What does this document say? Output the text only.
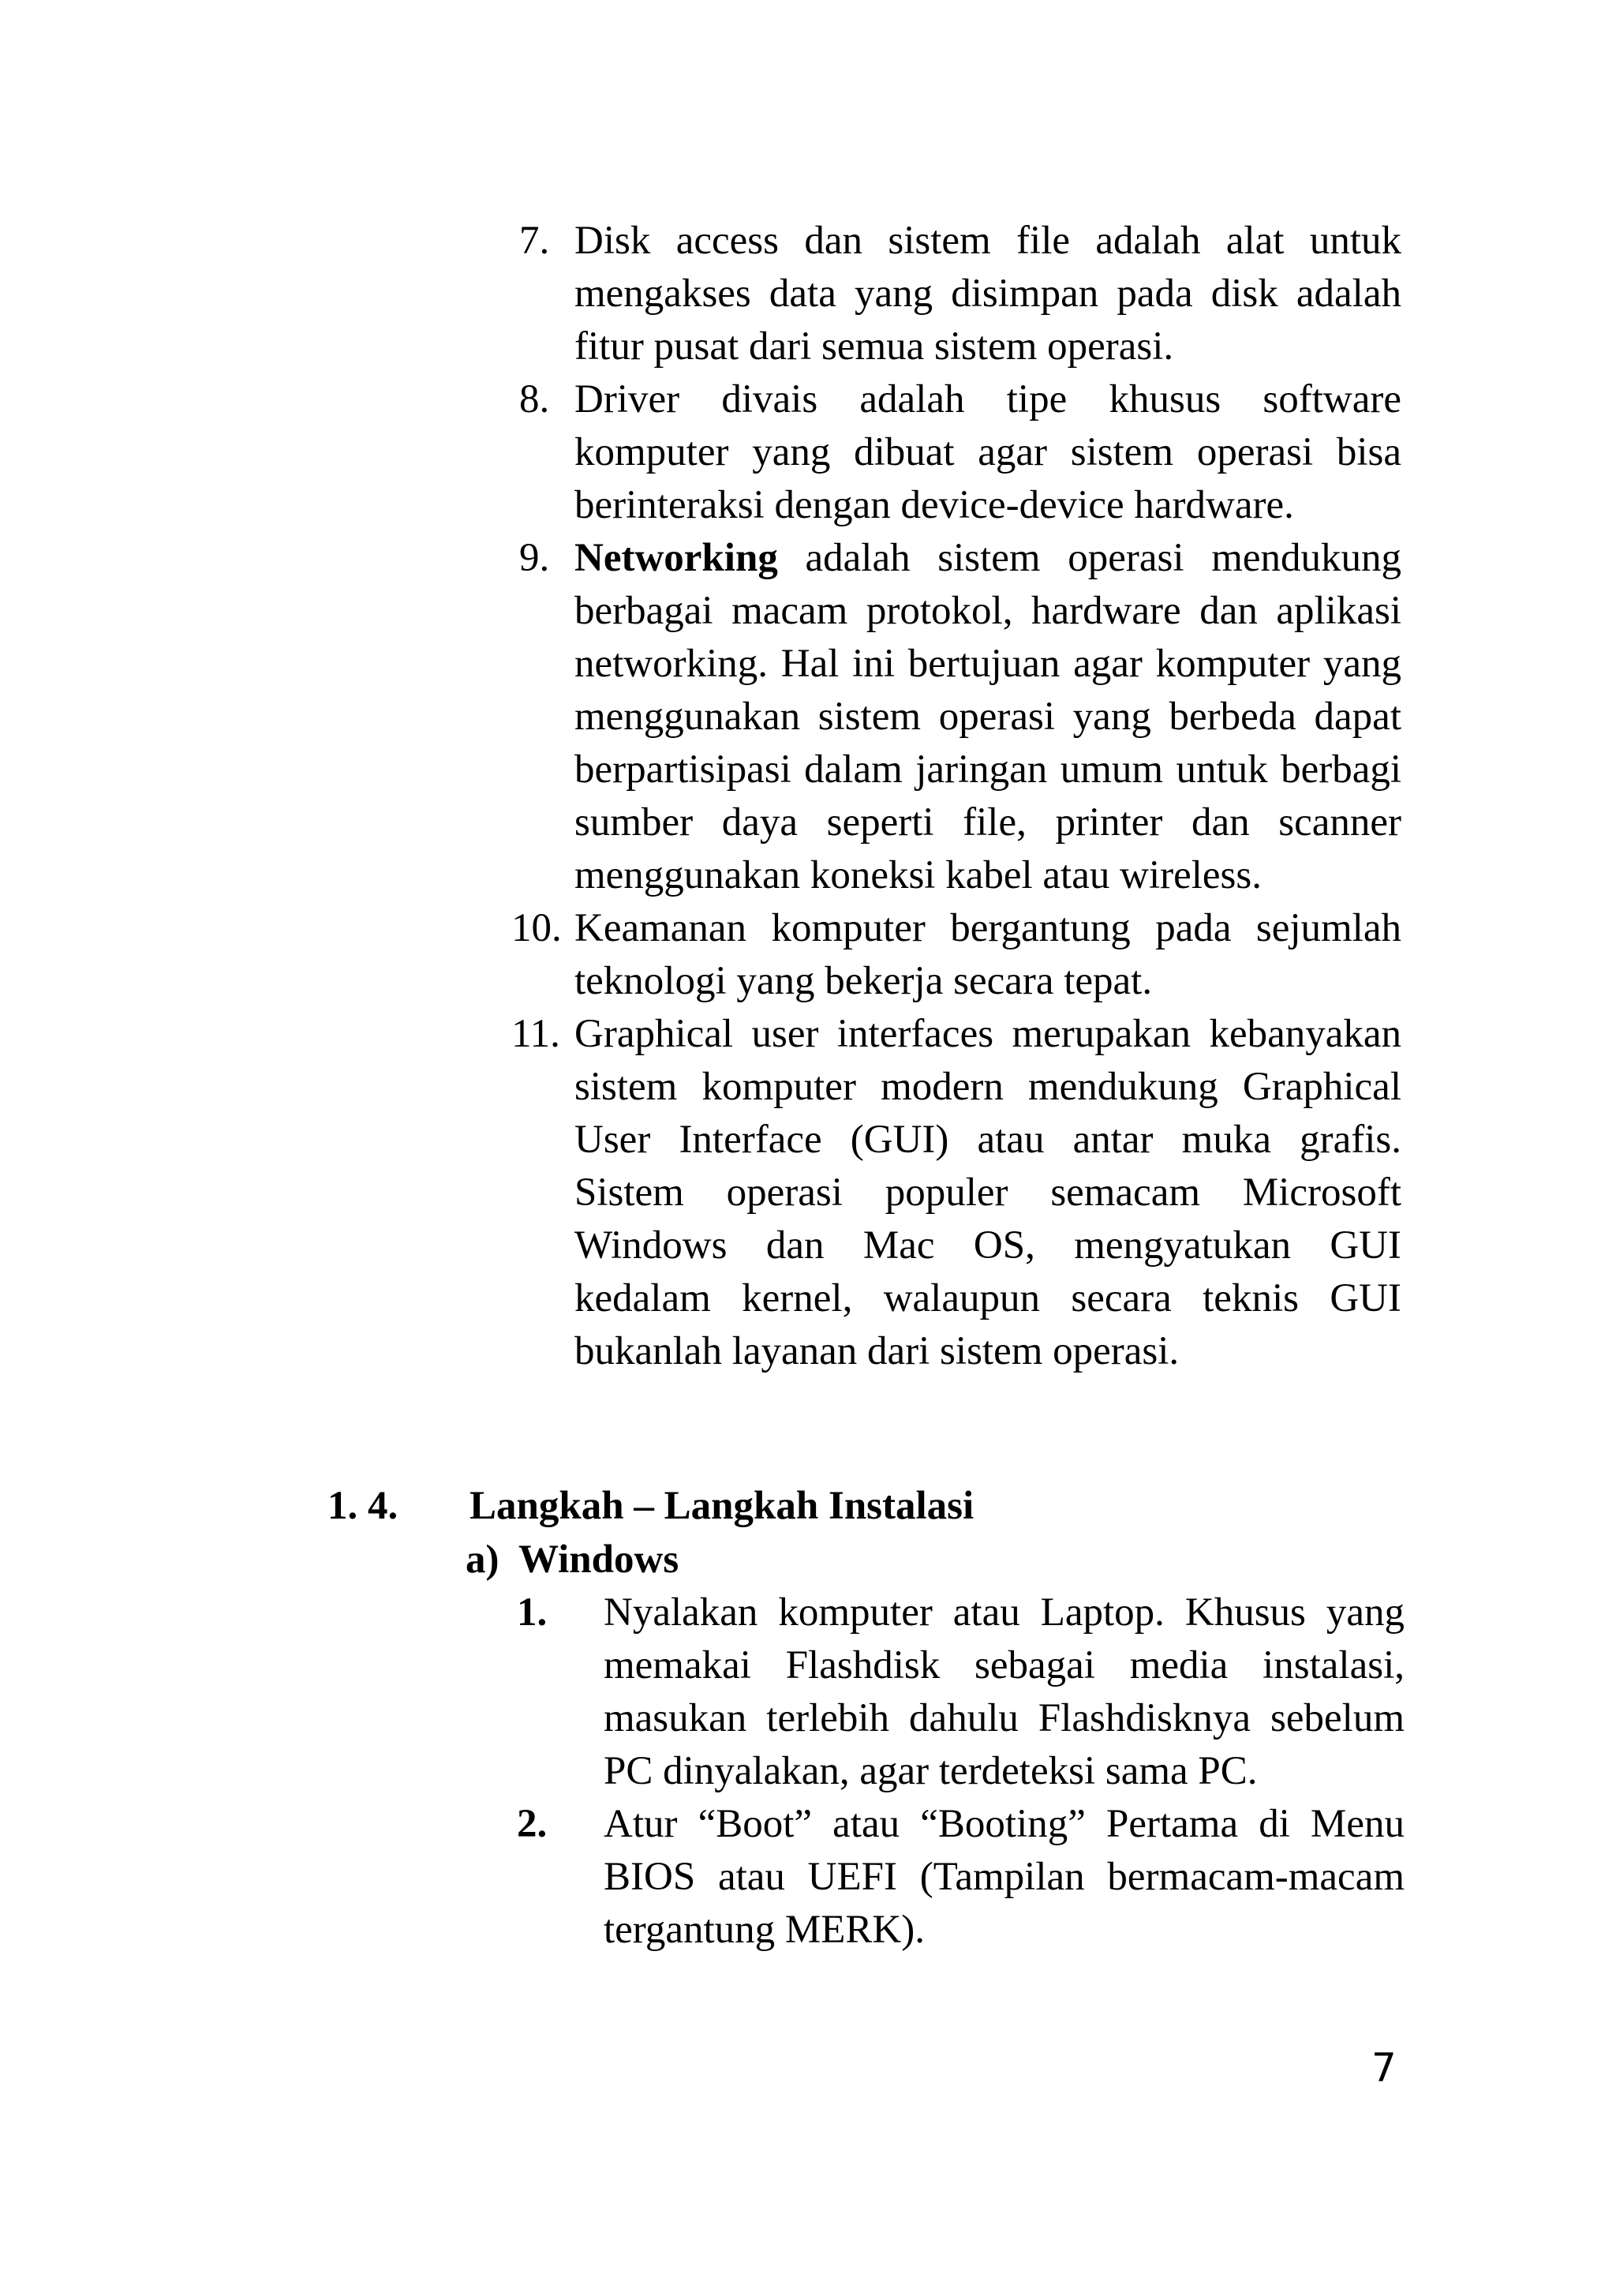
7. Disk access dan sistem file adalah alat untuk mengakses data yang disimpan pada disk adalah fitur pusat dari semua sistem operasi.
8. Driver divais adalah tipe khusus software komputer yang dibuat agar sistem operasi bisa berinteraksi dengan device-device hardware.
9. Networking adalah sistem operasi mendukung berbagai macam protokol, hardware dan aplikasi networking. Hal ini bertujuan agar komputer yang menggunakan sistem operasi yang berbeda dapat berpartisipasi dalam jaringan umum untuk berbagi sumber daya seperti file, printer dan scanner menggunakan koneksi kabel atau wireless.
10. Keamanan komputer bergantung pada sejumlah teknologi yang bekerja secara tepat.
11. Graphical user interfaces merupakan kebanyakan sistem komputer modern mendukung Graphical User Interface (GUI) atau antar muka grafis. Sistem operasi populer semacam Microsoft Windows dan Mac OS, mengyatukan GUI kedalam kernel, walaupun secara teknis GUI bukanlah layanan dari sistem operasi.
1. 4.	Langkah – Langkah Instalasi
a)  Windows
1. Nyalakan komputer atau Laptop. Khusus yang memakai Flashdisk sebagai media instalasi, masukan terlebih dahulu Flashdisknya sebelum PC dinyalakan, agar terdeteksi sama PC.
2. Atur “Boot” atau “Booting” Pertama di Menu BIOS atau UEFI (Tampilan bermacam-macam tergantung MERK).
7
